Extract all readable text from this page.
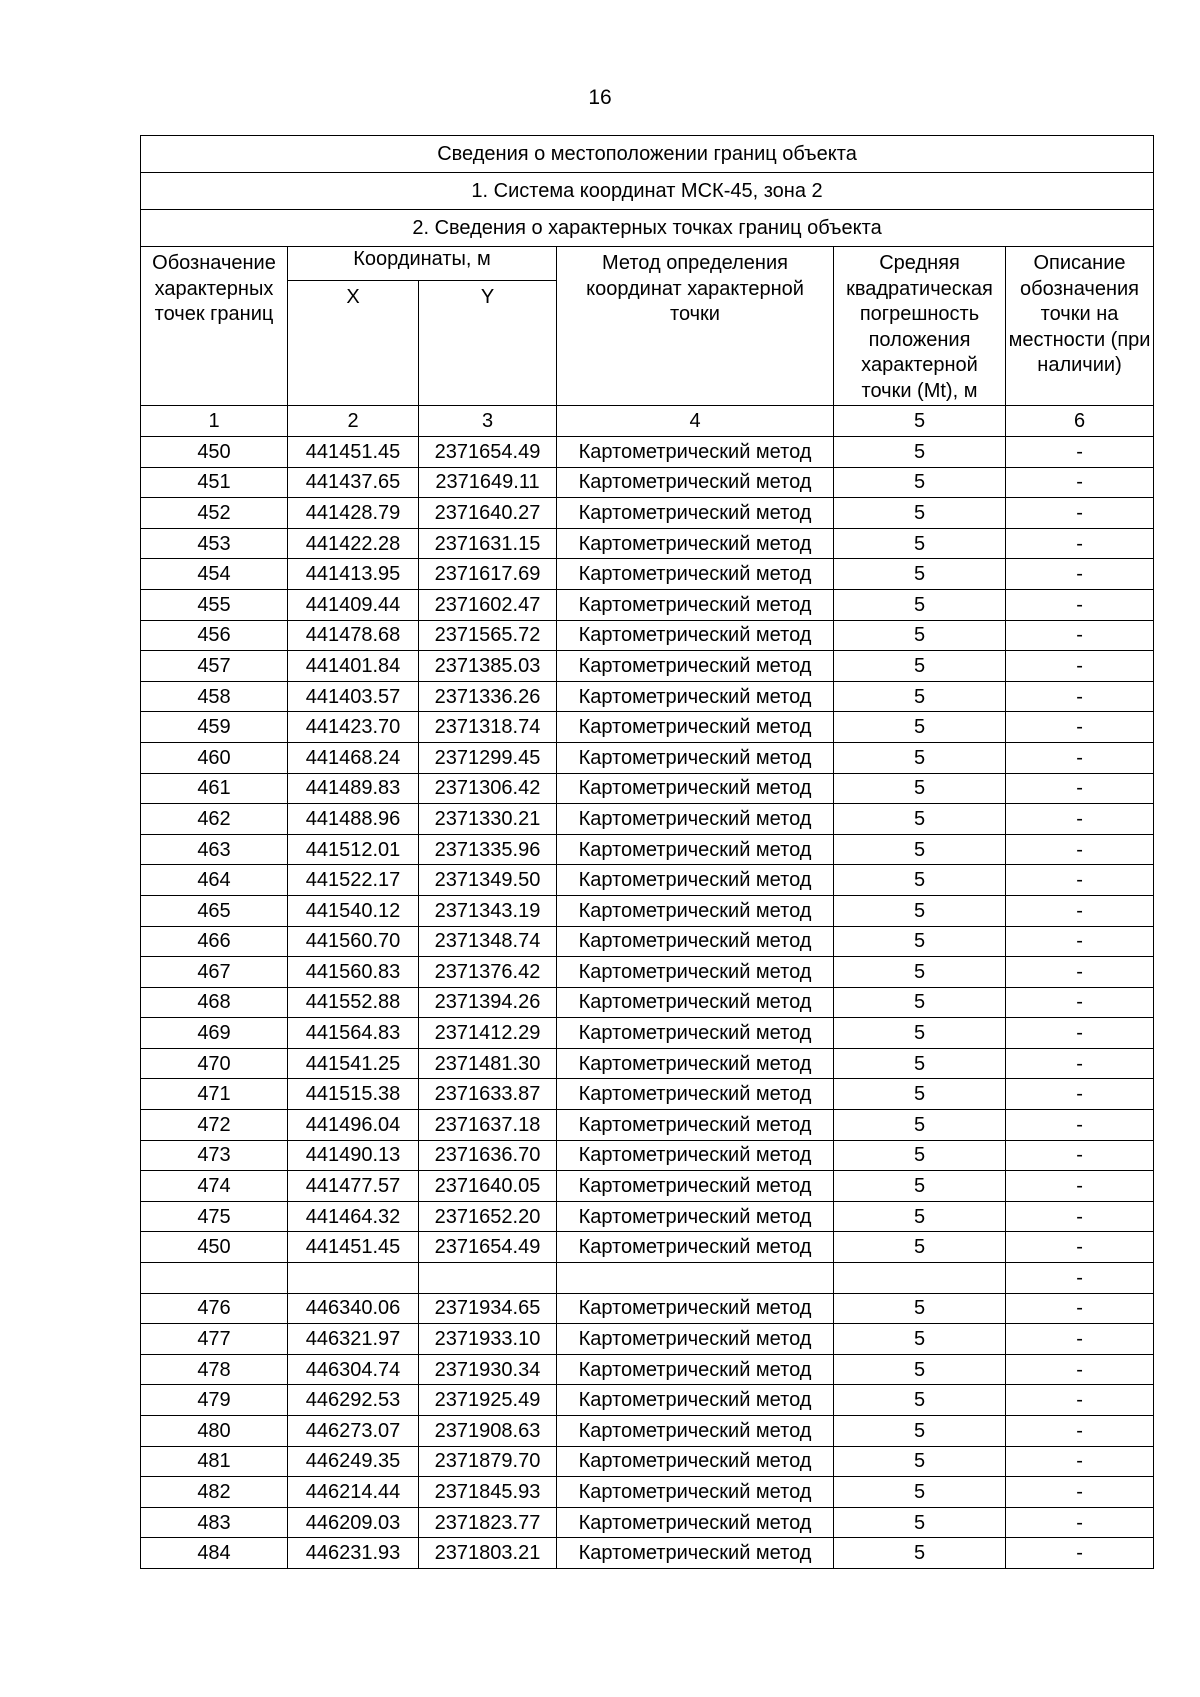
16
Сведения о местоположении границ объекта					
1. Система координат МСК-45, зона 2					
2. Сведения о характерных точках границ объекта					
Обозначение характерных точек границ	Координаты, м		Метод определения координат характерной точки	Средняя квадратическая погрешность положения характерной точки (Mt), м	Описание обозначения точки на местности (при наличии)
	X	Y			
1	2	3	4	5	6
450	441451.45	2371654.49	Картометрический метод	5	-
451	441437.65	2371649.11	Картометрический метод	5	-
452	441428.79	2371640.27	Картометрический метод	5	-
453	441422.28	2371631.15	Картометрический метод	5	-
454	441413.95	2371617.69	Картометрический метод	5	-
455	441409.44	2371602.47	Картометрический метод	5	-
456	441478.68	2371565.72	Картометрический метод	5	-
457	441401.84	2371385.03	Картометрический метод	5	-
458	441403.57	2371336.26	Картометрический метод	5	-
459	441423.70	2371318.74	Картометрический метод	5	-
460	441468.24	2371299.45	Картометрический метод	5	-
461	441489.83	2371306.42	Картометрический метод	5	-
462	441488.96	2371330.21	Картометрический метод	5	-
463	441512.01	2371335.96	Картометрический метод	5	-
464	441522.17	2371349.50	Картометрический метод	5	-
465	441540.12	2371343.19	Картометрический метод	5	-
466	441560.70	2371348.74	Картометрический метод	5	-
467	441560.83	2371376.42	Картометрический метод	5	-
468	441552.88	2371394.26	Картометрический метод	5	-
469	441564.83	2371412.29	Картометрический метод	5	-
470	441541.25	2371481.30	Картометрический метод	5	-
471	441515.38	2371633.87	Картометрический метод	5	-
472	441496.04	2371637.18	Картометрический метод	5	-
473	441490.13	2371636.70	Картометрический метод	5	-
474	441477.57	2371640.05	Картометрический метод	5	-
475	441464.32	2371652.20	Картометрический метод	5	-
450	441451.45	2371654.49	Картометрический метод	5	-
					-
476	446340.06	2371934.65	Картометрический метод	5	-
477	446321.97	2371933.10	Картометрический метод	5	-
478	446304.74	2371930.34	Картометрический метод	5	-
479	446292.53	2371925.49	Картометрический метод	5	-
480	446273.07	2371908.63	Картометрический метод	5	-
481	446249.35	2371879.70	Картометрический метод	5	-
482	446214.44	2371845.93	Картометрический метод	5	-
483	446209.03	2371823.77	Картометрический метод	5	-
484	446231.93	2371803.21	Картометрический метод	5	-
